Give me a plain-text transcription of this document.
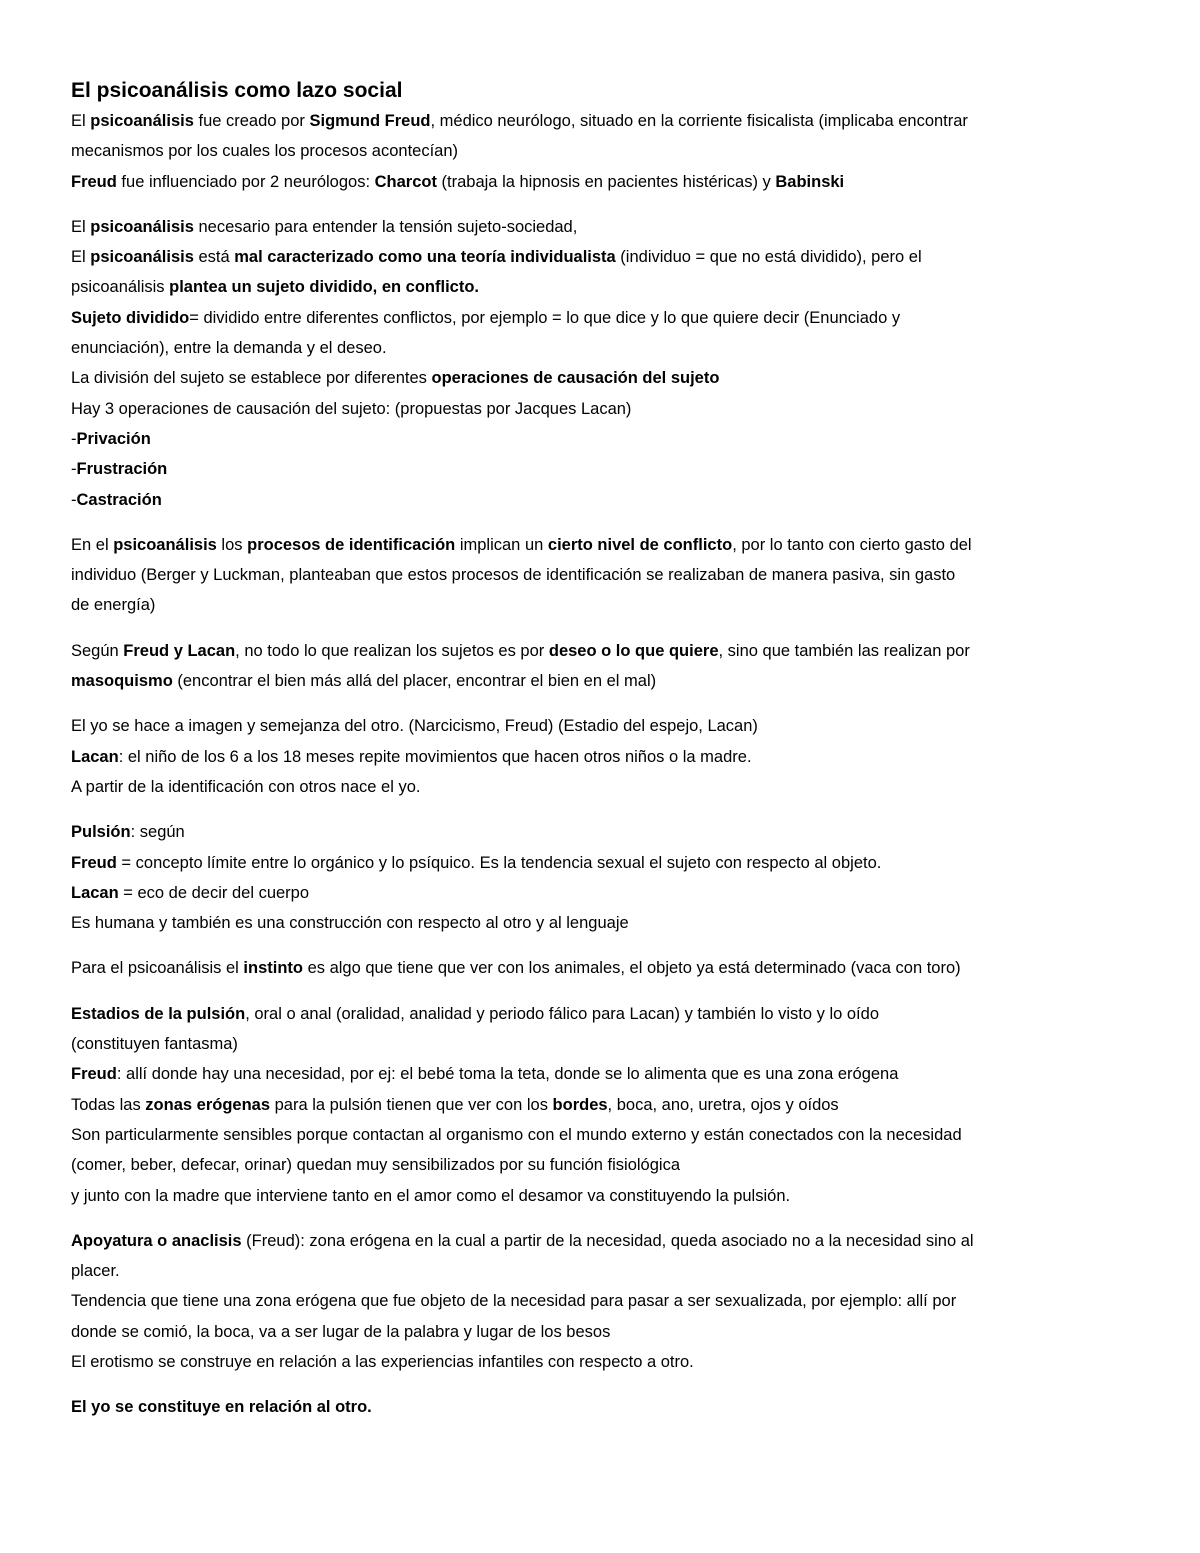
El psicoanálisis como lazo social
El psicoanálisis fue creado por Sigmund Freud, médico neurólogo, situado en la corriente fisicalista (implicaba encontrar
mecanismos por los cuales los procesos acontecían)
Freud fue influenciado por 2 neurólogos: Charcot (trabaja la hipnosis en pacientes histéricas) y Babinski
El psicoanálisis necesario para entender la tensión sujeto-sociedad,
El psicoanálisis está mal caracterizado como una teoría individualista (individuo = que no está dividido), pero el
psicoanálisis plantea un sujeto dividido, en conflicto.
Sujeto dividido= dividido entre diferentes conflictos, por ejemplo = lo que dice y lo que quiere decir (Enunciado y
enunciación), entre la demanda y el deseo.
La división del sujeto se establece por diferentes operaciones de causación del sujeto
Hay 3 operaciones de causación del sujeto: (propuestas por Jacques Lacan)
-Privación
-Frustración
-Castración
En el psicoanálisis los procesos de identificación implican un cierto nivel de conflicto, por lo tanto con cierto gasto del
individuo (Berger y Luckman, planteaban que estos procesos de identificación se realizaban de manera pasiva, sin gasto
de energía)
Según Freud y Lacan, no todo lo que realizan los sujetos es por deseo o lo que quiere, sino que también las realizan por
masoquismo (encontrar el bien más allá del placer, encontrar el bien en el mal)
El yo se hace a imagen y semejanza del otro. (Narcicismo, Freud) (Estadio del espejo, Lacan)
Lacan: el niño de los 6 a los 18 meses repite movimientos que hacen otros niños o la madre.
A partir de la identificación con otros nace el yo.
Pulsión: según
Freud = concepto límite entre lo orgánico y lo psíquico. Es la tendencia sexual el sujeto con respecto al objeto.
Lacan = eco de decir del cuerpo
Es humana y también es una construcción con respecto al otro y al lenguaje
Para el psicoanálisis el instinto es algo que tiene que ver con los animales, el objeto ya está determinado (vaca con toro)
Estadios de la pulsión, oral o anal (oralidad, analidad y periodo fálico para Lacan) y también lo visto y lo oído
(constituyen fantasma)
Freud: allí donde hay una necesidad, por ej: el bebé toma la teta, donde se lo alimenta que es una zona erógena
Todas las zonas erógenas para la pulsión tienen que ver con los bordes, boca, ano, uretra, ojos y oídos
Son particularmente sensibles porque contactan al organismo con el mundo externo y están conectados con la necesidad
(comer, beber, defecar, orinar) quedan muy sensibilizados por su función fisiológica
y junto con la madre que interviene tanto en el amor como el desamor va constituyendo la pulsión.
Apoyatura o anaclisis (Freud): zona erógena en la cual a partir de la necesidad, queda asociado no a la necesidad sino al
placer.
Tendencia que tiene una zona erógena que fue objeto de la necesidad para pasar a ser sexualizada, por ejemplo: allí por
donde se comió, la boca, va a ser lugar de la palabra y lugar de los besos
El erotismo se construye en relación a las experiencias infantiles con respecto a otro.
El yo se constituye en relación al otro.
